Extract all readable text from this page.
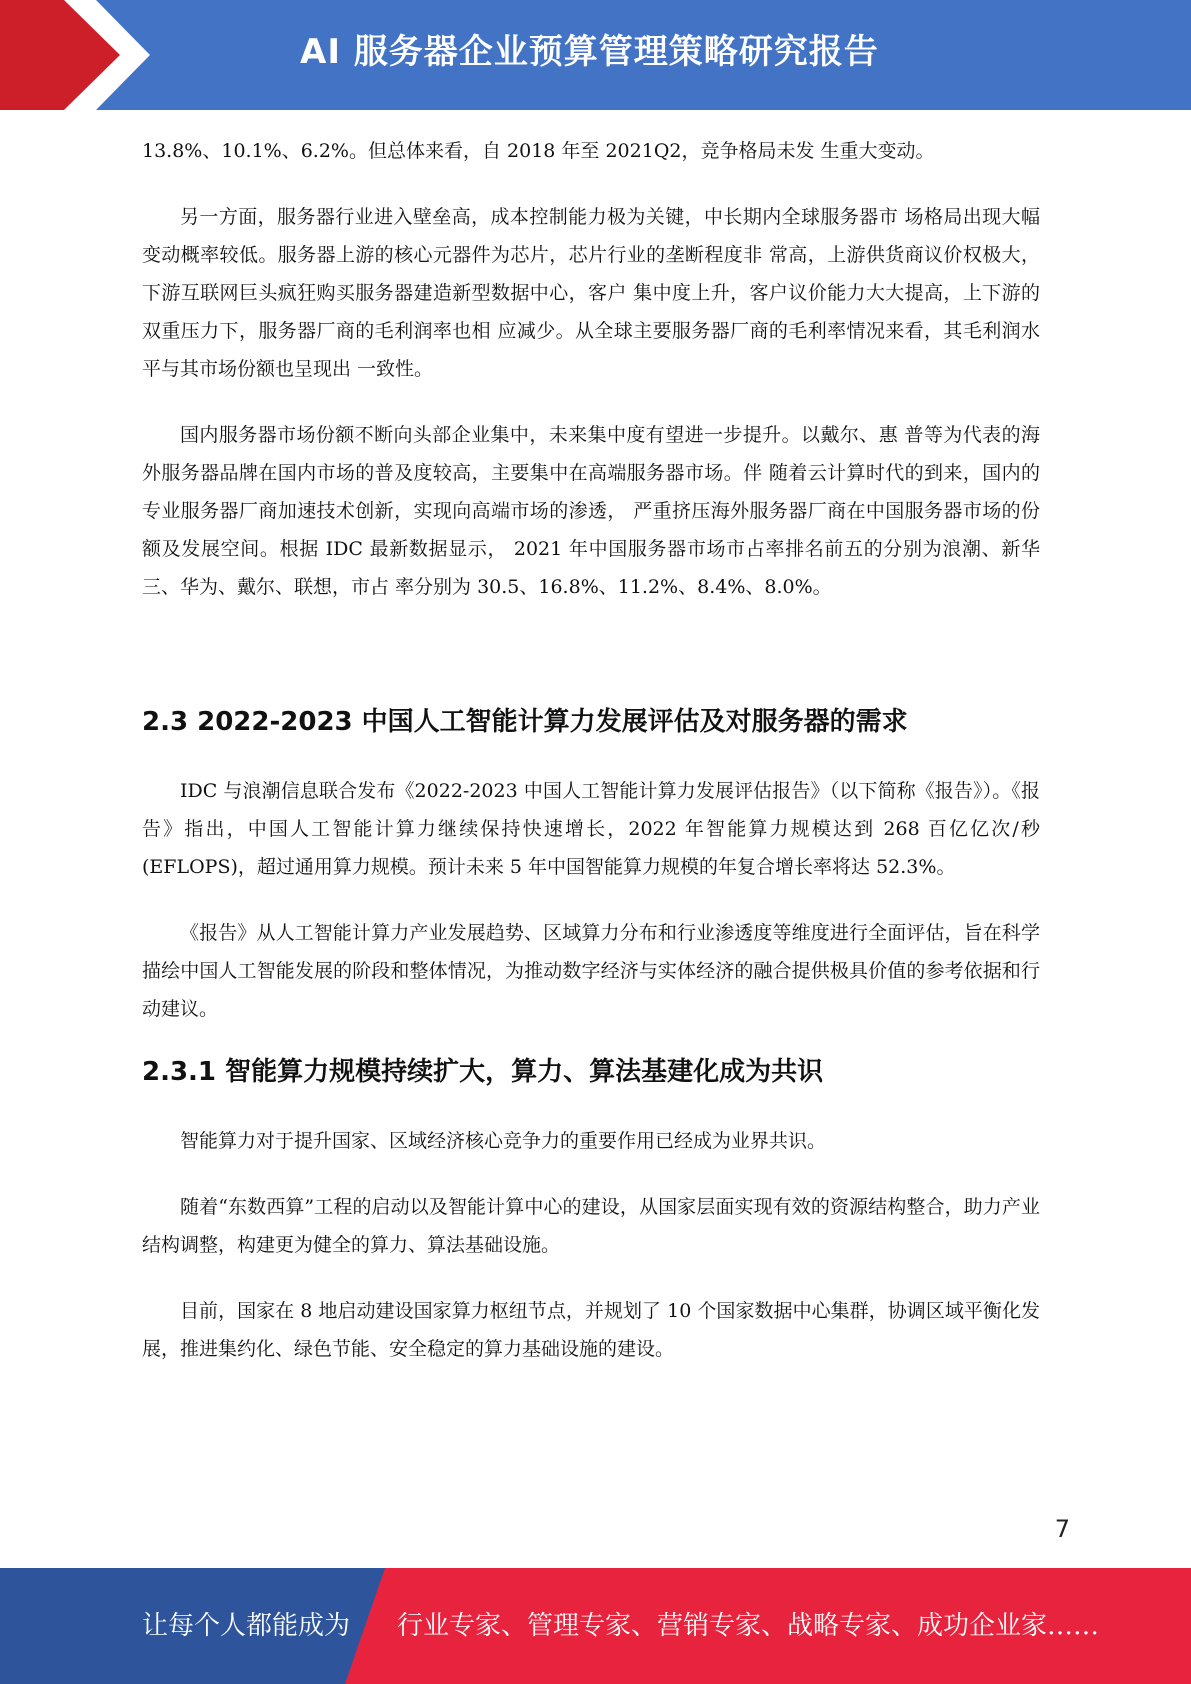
AI 服务器企业预算管理策略研究报告

13.8%、10.1%、6.2%。但总体来看，自 2018 年至 2021Q2，竞争格局未发 生重大变动。

另一方面，服务器行业进入壁垒高，成本控制能力极为关键，中长期内全球服务器市 场格局出现大幅变动概率较低。服务器上游的核心元器件为芯片，芯片行业的垄断程度非 常高，上游供货商议价权极大，下游互联网巨头疯狂购买服务器建造新型数据中心，客户 集中度上升，客户议价能力大大提高，上下游的双重压力下，服务器厂商的毛利润率也相 应减少。从全球主要服务器厂商的毛利率情况来看，其毛利润水平与其市场份额也呈现出 一致性。

国内服务器市场份额不断向头部企业集中，未来集中度有望进一步提升。以戴尔、惠 普等为代表的海外服务器品牌在国内市场的普及度较高，主要集中在高端服务器市场。伴 随着云计算时代的到来，国内的专业服务器厂商加速技术创新，实现向高端市场的渗透， 严重挤压海外服务器厂商在中国服务器市场的份额及发展空间。根据 IDC 最新数据显示， 2021 年中国服务器市场市占率排名前五的分别为浪潮、新华三、华为、戴尔、联想，市占 率分别为 30.5、16.8%、11.2%、8.4%、8.0%。

2.3 2022-2023 中国人工智能计算力发展评估及对服务器的需求

IDC 与浪潮信息联合发布《2022-2023 中国人工智能计算力发展评估报告》（以下简称《报告》）。《报告》指出，中国人工智能计算力继续保持快速增长，2022 年智能算力规模达到 268 百亿亿次/秒(EFLOPS)，超过通用算力规模。预计未来 5 年中国智能算力规模的年复合增长率将达 52.3%。

《报告》从人工智能计算力产业发展趋势、区域算力分布和行业渗透度等维度进行全面评估，旨在科学描绘中国人工智能发展的阶段和整体情况，为推动数字经济与实体经济的融合提供极具价值的参考依据和行动建议。

2.3.1 智能算力规模持续扩大，算力、算法基建化成为共识

智能算力对于提升国家、区域经济核心竞争力的重要作用已经成为业界共识。

随着“东数西算”工程的启动以及智能计算中心的建设，从国家层面实现有效的资源结构整合，助力产业结构调整，构建更为健全的算力、算法基础设施。

目前，国家在 8 地启动建设国家算力枢纽节点，并规划了 10 个国家数据中心集群，协调区域平衡化发展，推进集约化、绿色节能、安全稳定的算力基础设施的建设。

7
让每个人都能成为 行业专家、管理专家、营销专家、战略专家、成功企业家……
